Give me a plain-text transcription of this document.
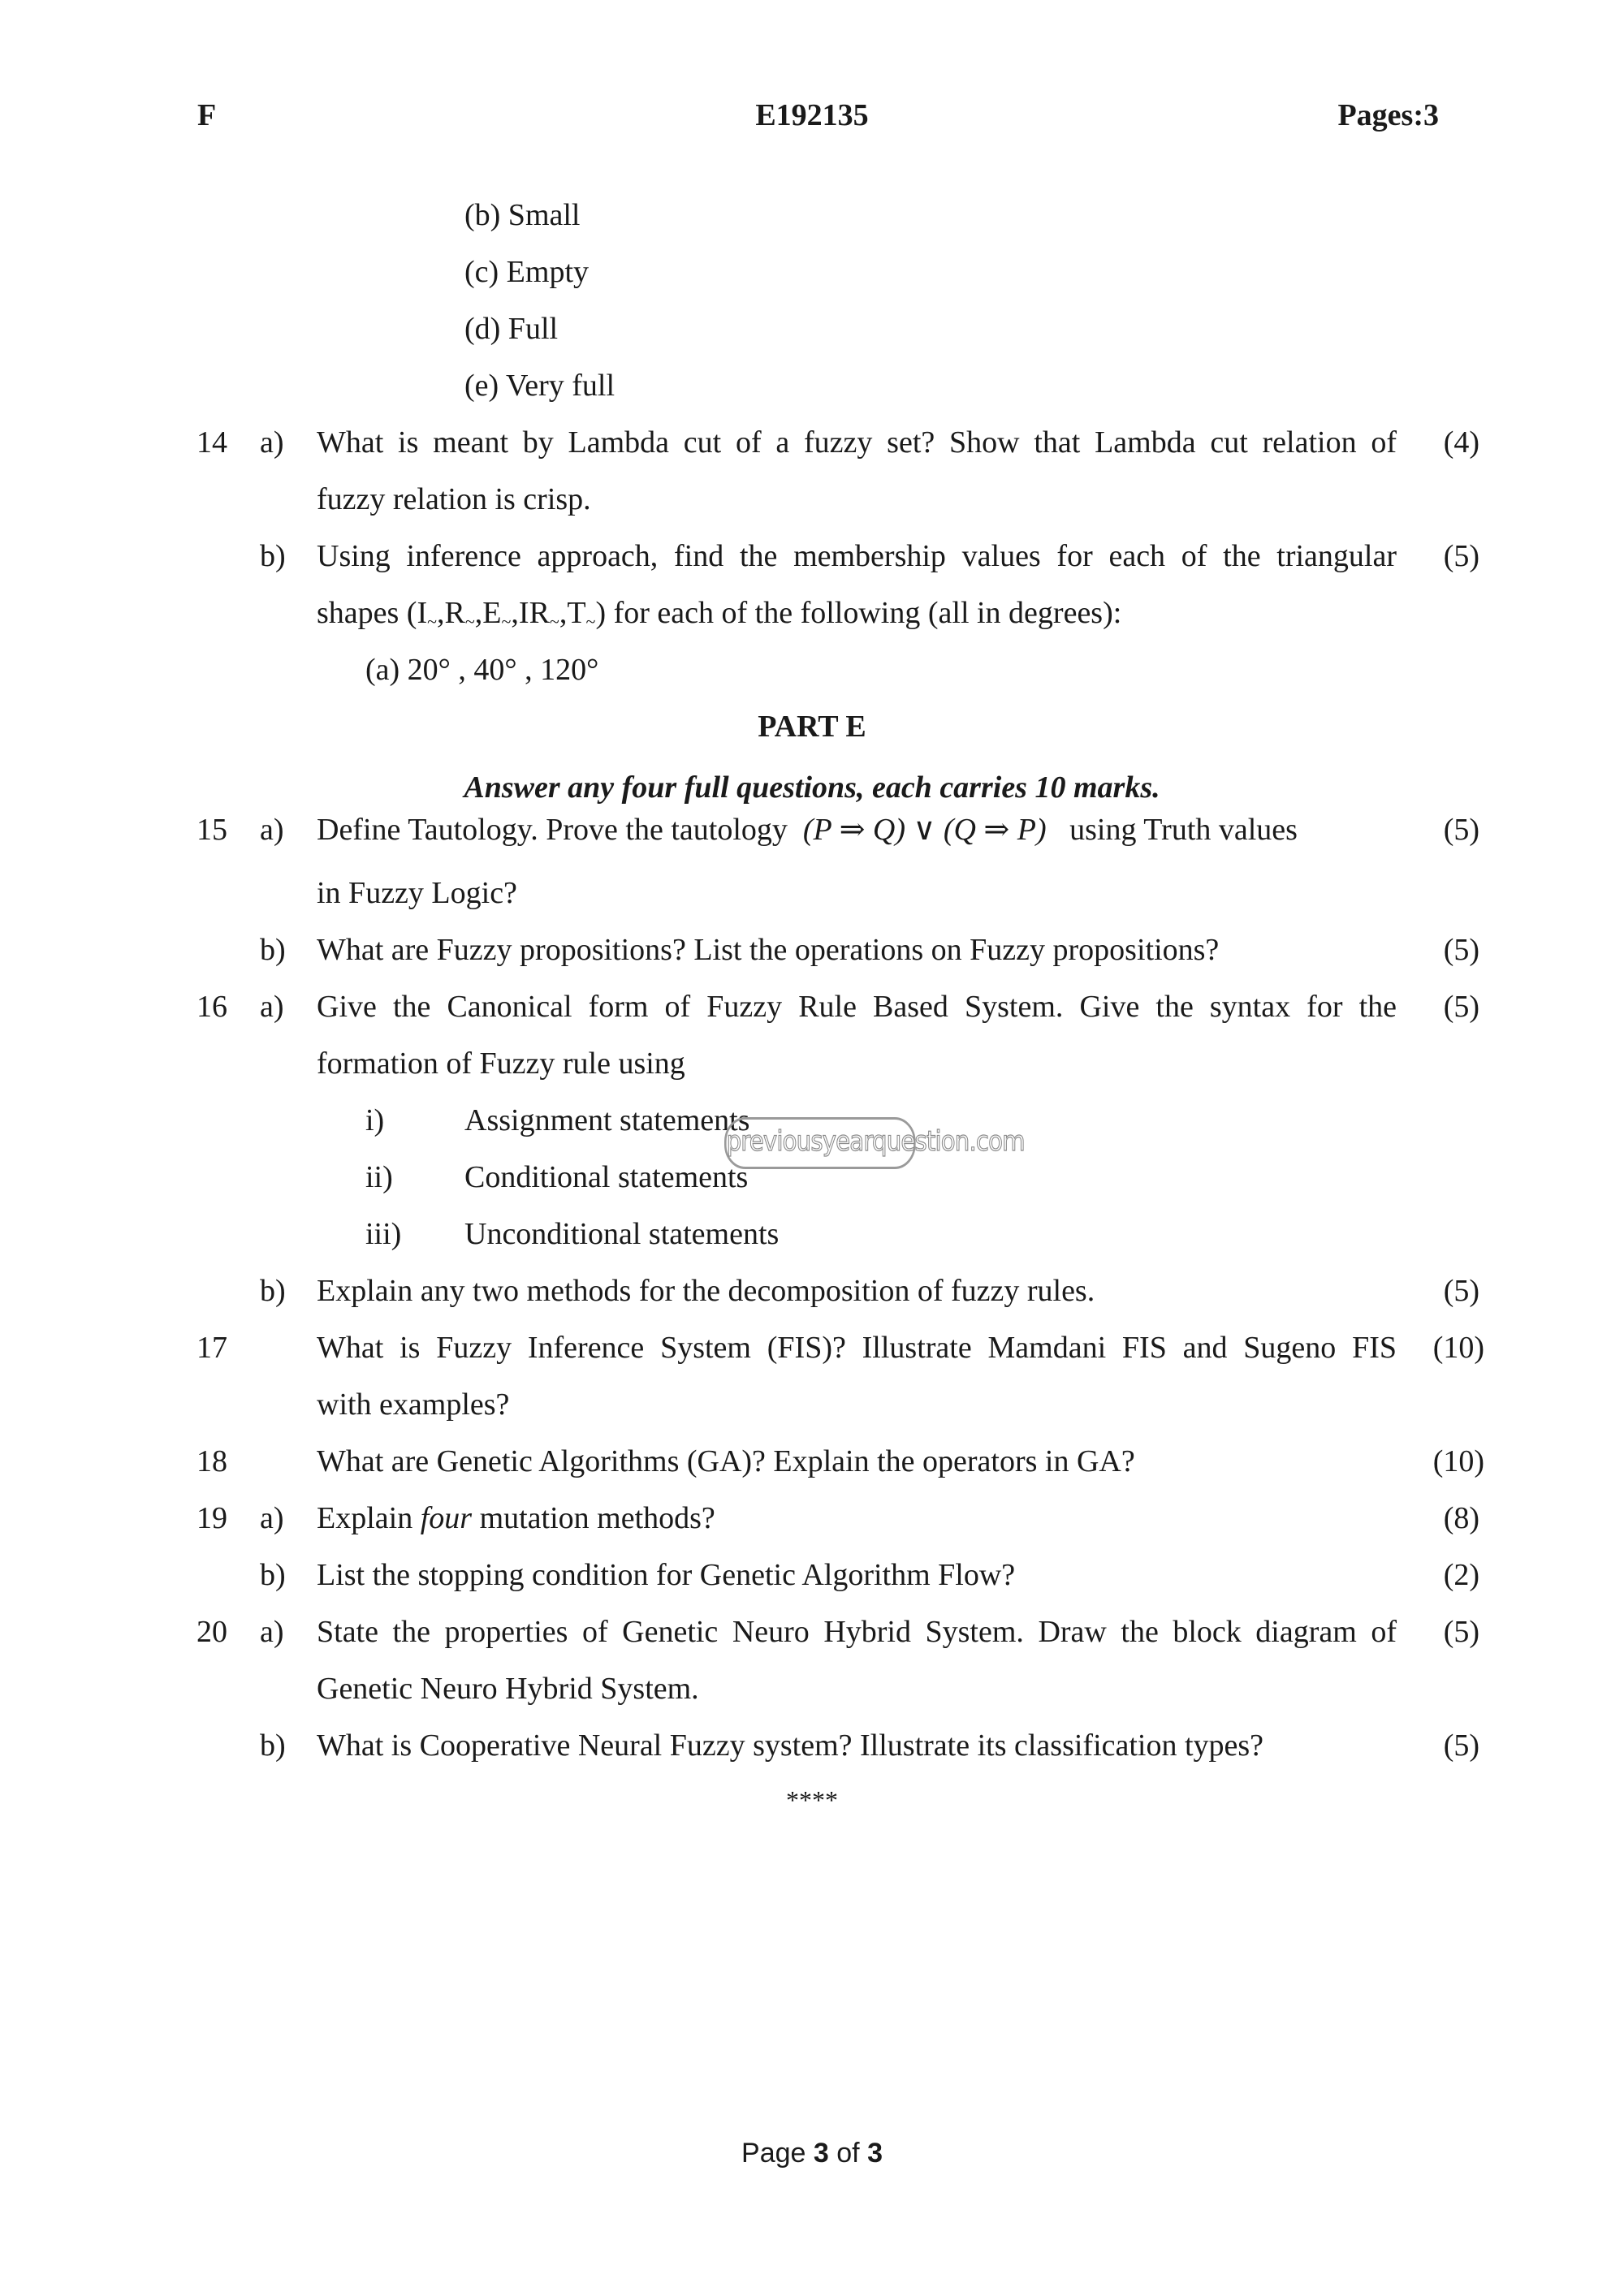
F	E192135	Pages:3
(b) Small
(c) Empty
(d) Full
(e) Very full
14 a) What is meant by Lambda cut of a fuzzy set? Show that Lambda cut relation of (4)
fuzzy relation is crisp.
b) Using inference approach, find the membership values for each of the triangular (5)
shapes (I~,R~,E~,IR~,T~) for each of the following (all in degrees):
(a) 20° , 40° , 120°
PART E
Answer any four full questions, each carries 10 marks.
15 a) Define Tautology. Prove the tautology (P ⇒ Q) ∨ (Q ⇒ P) using Truth values	(5)
in Fuzzy Logic?
b) What are Fuzzy propositions? List the operations on Fuzzy propositions?	(5)
16 a) Give the Canonical form of Fuzzy Rule Based System. Give the syntax for the (5)
formation of Fuzzy rule using
i)	Assignment statements
ii) Conditional statements
iii) Unconditional statements
previousyearquestion.com
b) Explain any two methods for the decomposition of fuzzy rules.	(5)
17	What is Fuzzy Inference System (FIS)? Illustrate Mamdani FIS and Sugeno FIS (10)
with examples?
18	What are Genetic Algorithms (GA)? Explain the operators in GA?	(10)
19 a) Explain four mutation methods?	(8)
b) List the stopping condition for Genetic Algorithm Flow?	(2)
20 a) State the properties of Genetic Neuro Hybrid System. Draw the block diagram of (5)
Genetic Neuro Hybrid System.
b) What is Cooperative Neural Fuzzy system? Illustrate its classification types?	(5)
****
Page 3 of 3
